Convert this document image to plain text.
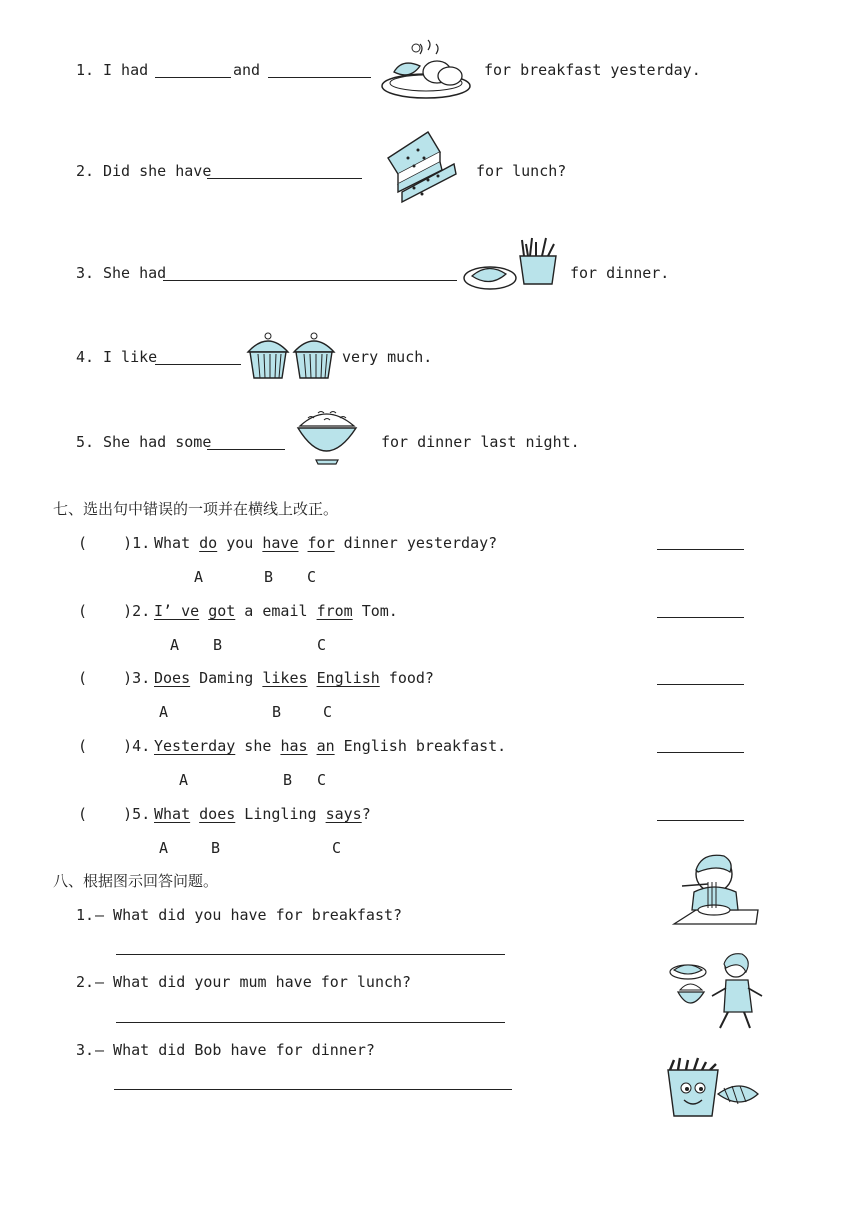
1. I had	and	for breakfast yesterday.
2. Did she have	for lunch?
3. She had	for dinner.
4. I like	very much.
5. She had some	for dinner last night.
七、选出句中错误的一项并在横线上改正。
(    )1. What do you have for dinner yesterday?
A	B C
(    )2. I’ ve got a email from Tom.
A B	C
(    )3. Does Daming likes English food?
A	B	C
(    )4. Yesterday she has an English breakfast.
A	B C
(    )5. What does Lingling says?
A	B	C
八、根据图示回答问题。
1. — What did you have for breakfast?
2. — What did your mum have for lunch?
3. — What did Bob have for dinner?
